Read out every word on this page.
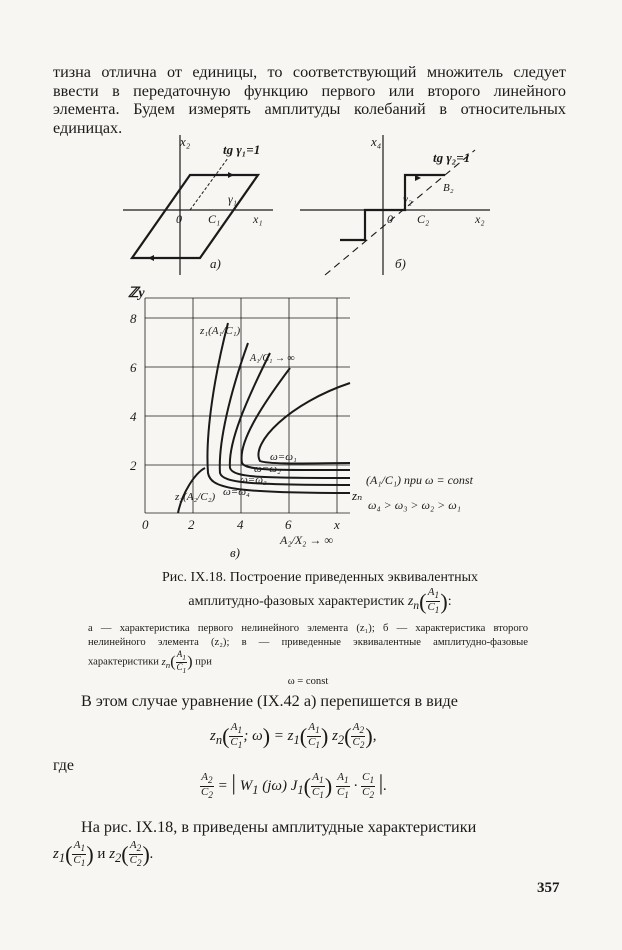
тизна отлична от единицы, то соответствующий множитель следует ввести в передаточную функцию первого или второго линейного элемента. Будем измерять амплитуды колебаний в относительных единицах.
x₂
tg γ₁=1
γ₁
0 C₁	x₁
а)
x₄
tg γ₂=1
γ₂
B₂
0 C₂	x₂
б)
ℤy
8
6
4
2
0	2	4	6	x
z₁(A₁/C₁)
z₂(A₂/C₂)
A₁/C₁ → ∞
ω=ω₁
ω=ω₂
ω=ω₃
ω=ω₄	zₙ
(A₁/C₁) при ω = const
ω₄ > ω₃ > ω₂ > ω₁
A₂/X₂ → ∞
в)
Рис. IX.18. Построение приведенных эквивалентных
амплитудно-фазовых характеристик $z_n( \frac{A_1}{C_1}$ ):
а — характеристика первого нелинейного элемента (z₁); б — характеристика второго нелинейного элемента (z₂); в — приведенные эквивалентные амплитудно-фазовые характеристики $z_n( \frac{A_1}{C_1}$ ) при
ω = const
В этом случае уравнение (IX.42 а) перепишется в виде
$z_n( \frac{A_1}{C_1}$ ; $\omega) = z_1( \frac{A_1}{C_1}$ ) $z_2( \frac{A_2}{C_2}$ ),
где
$\frac{A_2}{C_2}$ = | $W_1$ (jω) $J_1( \frac{A_1}{C_1}$ ) $\frac{A_1}{C_1} \cdot \frac{C_1}{C_2}$ |.
На рис. IX.18, в приведены амплитудные характеристики
$z_1( \frac{A_1}{C_1}$ ) и $z_2( \frac{A_2}{C_2}$ ).
357
